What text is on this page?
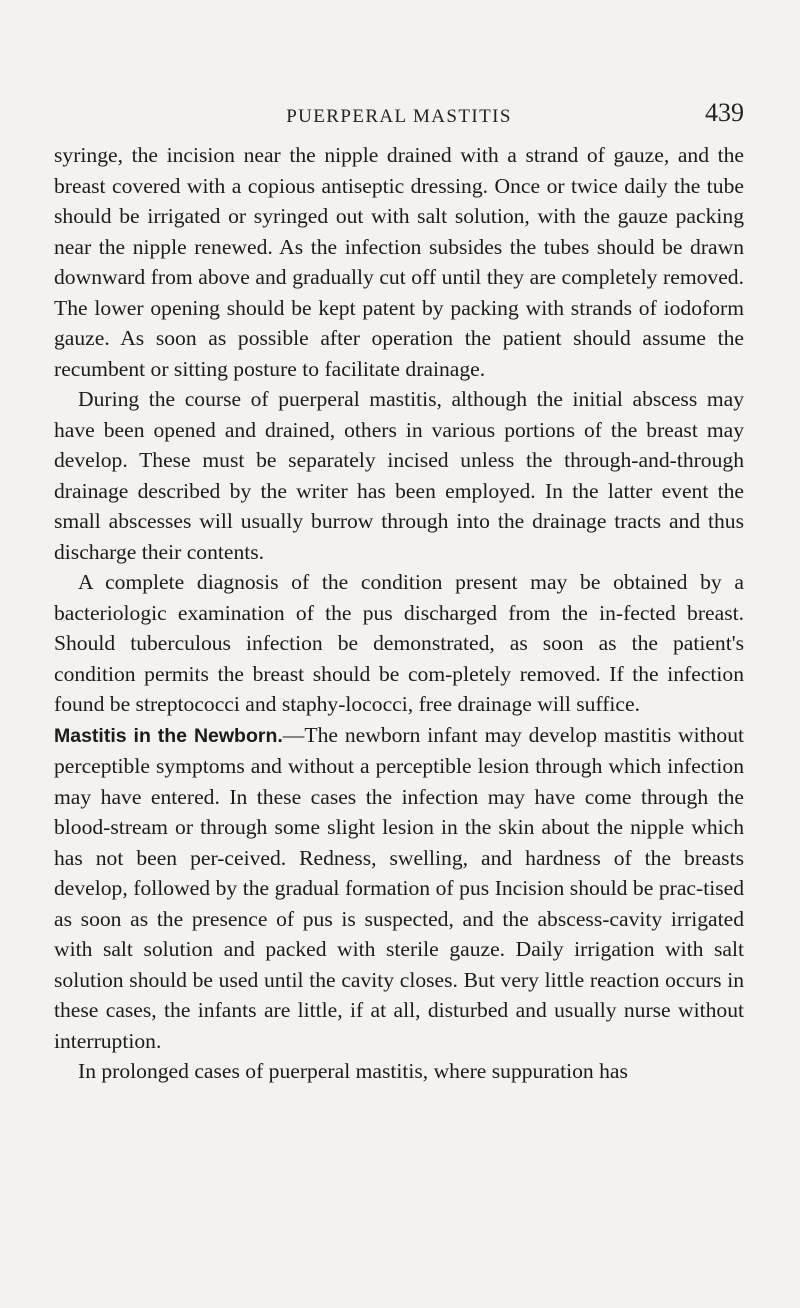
PUERPERAL MASTITIS	439

syringe, the incision near the nipple drained with a strand of gauze, and the breast covered with a copious antiseptic dressing. Once or twice daily the tube should be irrigated or syringed out with salt solution, with the gauze packing near the nipple renewed. As the infection subsides the tubes should be drawn downward from above and gradually cut off until they are completely removed. The lower opening should be kept patent by packing with strands of iodoform gauze. As soon as possible after operation the patient should assume the recumbent or sitting posture to facilitate drainage.

During the course of puerperal mastitis, although the initial abscess may have been opened and drained, others in various portions of the breast may develop. These must be separately incised unless the through-and-through drainage described by the writer has been employed. In the latter event the small abscesses will usually burrow through into the drainage tracts and thus discharge their contents.

A complete diagnosis of the condition present may be obtained by a bacteriologic examination of the pus discharged from the in-fected breast. Should tuberculous infection be demonstrated, as soon as the patient's condition permits the breast should be com-pletely removed. If the infection found be streptococci and staphy-lococci, free drainage will suffice.

Mastitis in the Newborn.—The newborn infant may develop mastitis without perceptible symptoms and without a perceptible lesion through which infection may have entered. In these cases the infection may have come through the blood-stream or through some slight lesion in the skin about the nipple which has not been per-ceived. Redness, swelling, and hardness of the breasts develop, followed by the gradual formation of pus Incision should be prac-tised as soon as the presence of pus is suspected, and the abscess-cavity irrigated with salt solution and packed with sterile gauze. Daily irrigation with salt solution should be used until the cavity closes. But very little reaction occurs in these cases, the infants are little, if at all, disturbed and usually nurse without interruption.

In prolonged cases of puerperal mastitis, where suppuration has
